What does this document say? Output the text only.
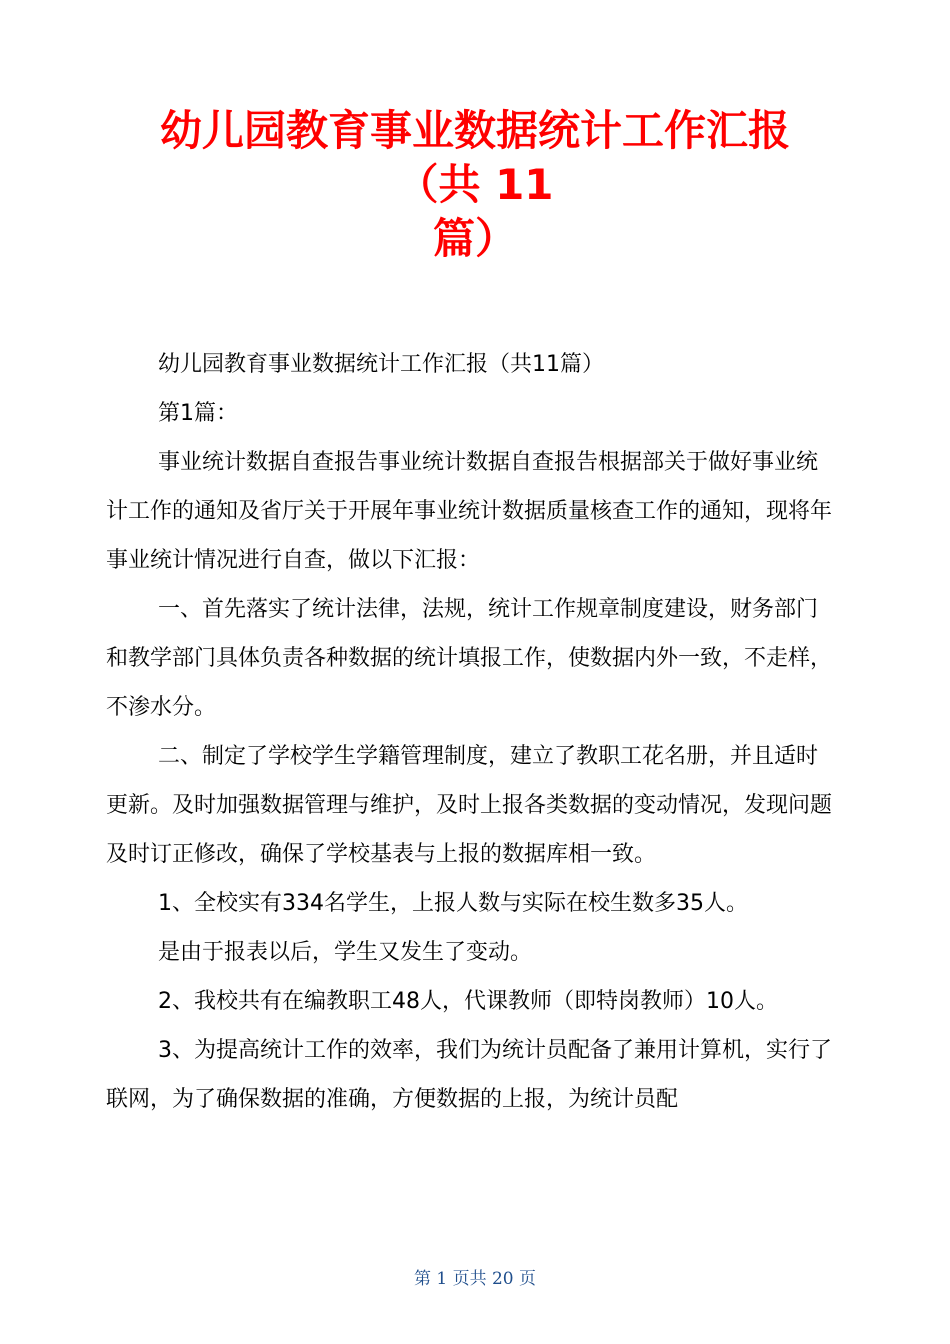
幼儿园教育事业数据统计工作汇报
（共 11
篇）

幼儿园教育事业数据统计工作汇报（共11篇）

第1篇：

事业统计数据自查报告事业统计数据自查报告根据部关于做好事业统计工作的通知及省厅关于开展年事业统计数据质量核查工作的通知，现将年事业统计情况进行自查，做以下汇报：

一、首先落实了统计法律，法规，统计工作规章制度建设，财务部门和教学部门具体负责各种数据的统计填报工作，使数据内外一致，不走样，不渗水分。

二、制定了学校学生学籍管理制度，建立了教职工花名册，并且适时更新。及时加强数据管理与维护，及时上报各类数据的变动情况，发现问题及时订正修改，确保了学校基表与上报的数据库相一致。

1、全校实有334名学生，上报人数与实际在校生数多35人。

是由于报表以后，学生又发生了变动。

2、我校共有在编教职工48人，代课教师（即特岗教师）10人。

3、为提高统计工作的效率，我们为统计员配备了兼用计算机，实行了联网，为了确保数据的准确，方便数据的上报，为统计员配

第 1 页共 20 页
